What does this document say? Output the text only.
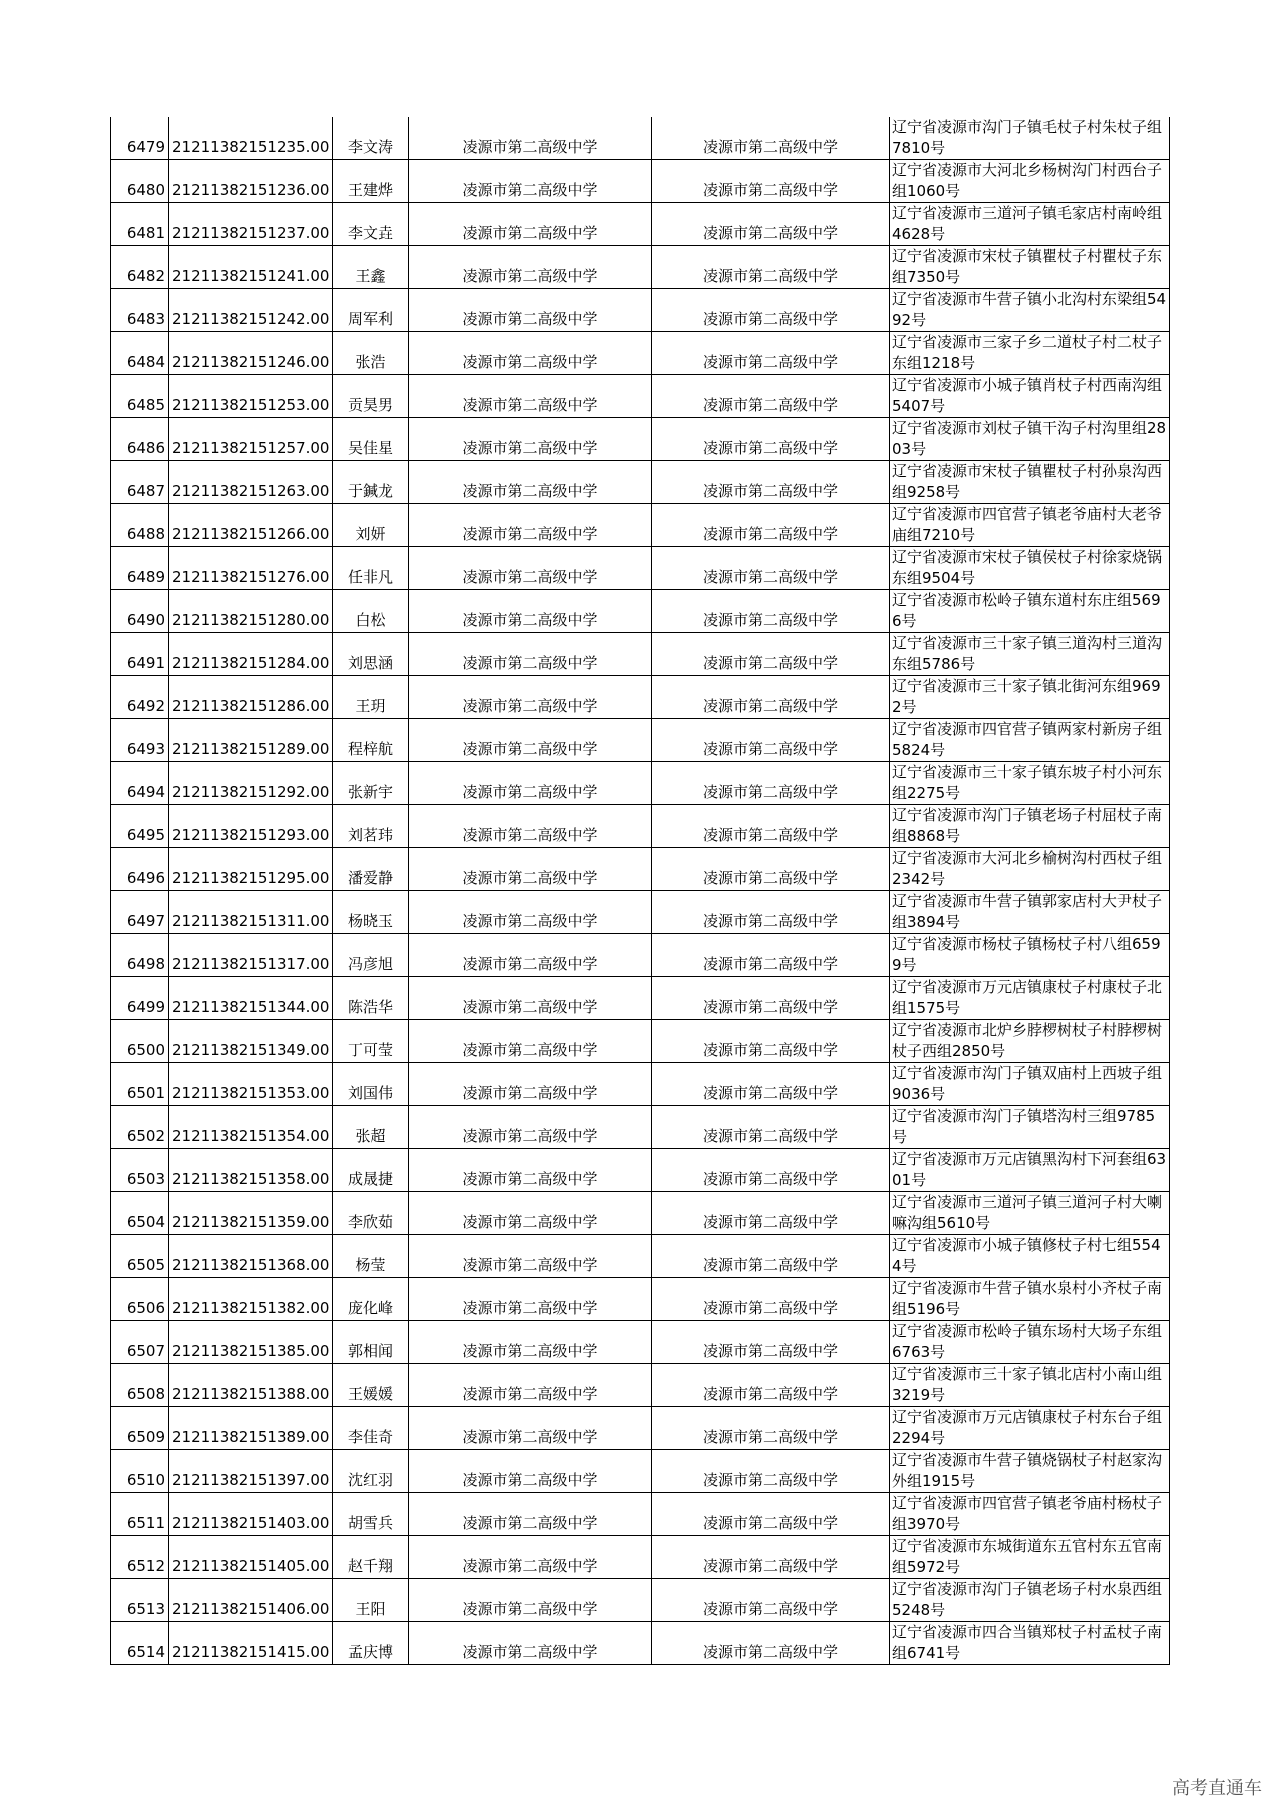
6479	21211382151235.00	李文涛	凌源市第二高级中学	凌源市第二高级中学	辽宁省凌源市沟门子镇毛杖子村朱杖子组7810号
6480	21211382151236.00	王建烨	凌源市第二高级中学	凌源市第二高级中学	辽宁省凌源市大河北乡杨树沟门村西台子组1060号
6481	21211382151237.00	李文垚	凌源市第二高级中学	凌源市第二高级中学	辽宁省凌源市三道河子镇毛家店村南岭组4628号
6482	21211382151241.00	王鑫	凌源市第二高级中学	凌源市第二高级中学	辽宁省凌源市宋杖子镇瞿杖子村瞿杖子东组7350号
6483	21211382151242.00	周军利	凌源市第二高级中学	凌源市第二高级中学	辽宁省凌源市牛营子镇小北沟村东梁组5492号
6484	21211382151246.00	张浩	凌源市第二高级中学	凌源市第二高级中学	辽宁省凌源市三家子乡二道杖子村二杖子东组1218号
6485	21211382151253.00	贡昊男	凌源市第二高级中学	凌源市第二高级中学	辽宁省凌源市小城子镇肖杖子村西南沟组5407号
6486	21211382151257.00	吴佳星	凌源市第二高级中学	凌源市第二高级中学	辽宁省凌源市刘杖子镇干沟子村沟里组2803号
6487	21211382151263.00	于鍼龙	凌源市第二高级中学	凌源市第二高级中学	辽宁省凌源市宋杖子镇瞿杖子村孙泉沟西组9258号
6488	21211382151266.00	刘妍	凌源市第二高级中学	凌源市第二高级中学	辽宁省凌源市四官营子镇老爷庙村大老爷庙组7210号
6489	21211382151276.00	任非凡	凌源市第二高级中学	凌源市第二高级中学	辽宁省凌源市宋杖子镇侯杖子村徐家烧锅东组9504号
6490	21211382151280.00	白松	凌源市第二高级中学	凌源市第二高级中学	辽宁省凌源市松岭子镇东道村东庄组5696号
6491	21211382151284.00	刘思涵	凌源市第二高级中学	凌源市第二高级中学	辽宁省凌源市三十家子镇三道沟村三道沟东组5786号
6492	21211382151286.00	王玥	凌源市第二高级中学	凌源市第二高级中学	辽宁省凌源市三十家子镇北街河东组9692号
6493	21211382151289.00	程梓航	凌源市第二高级中学	凌源市第二高级中学	辽宁省凌源市四官营子镇两家村新房子组5824号
6494	21211382151292.00	张新宇	凌源市第二高级中学	凌源市第二高级中学	辽宁省凌源市三十家子镇东坡子村小河东组2275号
6495	21211382151293.00	刘茗玮	凌源市第二高级中学	凌源市第二高级中学	辽宁省凌源市沟门子镇老场子村屈杖子南组8868号
6496	21211382151295.00	潘爱静	凌源市第二高级中学	凌源市第二高级中学	辽宁省凌源市大河北乡榆树沟村西杖子组2342号
6497	21211382151311.00	杨晓玉	凌源市第二高级中学	凌源市第二高级中学	辽宁省凌源市牛营子镇郭家店村大尹杖子组3894号
6498	21211382151317.00	冯彦旭	凌源市第二高级中学	凌源市第二高级中学	辽宁省凌源市杨杖子镇杨杖子村八组6599号
6499	21211382151344.00	陈浩华	凌源市第二高级中学	凌源市第二高级中学	辽宁省凌源市万元店镇康杖子村康杖子北组1575号
6500	21211382151349.00	丁可莹	凌源市第二高级中学	凌源市第二高级中学	辽宁省凌源市北炉乡脖椤树杖子村脖椤树杖子西组2850号
6501	21211382151353.00	刘国伟	凌源市第二高级中学	凌源市第二高级中学	辽宁省凌源市沟门子镇双庙村上西坡子组9036号
6502	21211382151354.00	张超	凌源市第二高级中学	凌源市第二高级中学	辽宁省凌源市沟门子镇塔沟村三组9785号
6503	21211382151358.00	成晟捷	凌源市第二高级中学	凌源市第二高级中学	辽宁省凌源市万元店镇黑沟村下河套组6301号
6504	21211382151359.00	李欣茹	凌源市第二高级中学	凌源市第二高级中学	辽宁省凌源市三道河子镇三道河子村大喇嘛沟组5610号
6505	21211382151368.00	杨莹	凌源市第二高级中学	凌源市第二高级中学	辽宁省凌源市小城子镇修杖子村七组5544号
6506	21211382151382.00	庞化峰	凌源市第二高级中学	凌源市第二高级中学	辽宁省凌源市牛营子镇水泉村小齐杖子南组5196号
6507	21211382151385.00	郭相闻	凌源市第二高级中学	凌源市第二高级中学	辽宁省凌源市松岭子镇东场村大场子东组6763号
6508	21211382151388.00	王媛媛	凌源市第二高级中学	凌源市第二高级中学	辽宁省凌源市三十家子镇北店村小南山组3219号
6509	21211382151389.00	李佳奇	凌源市第二高级中学	凌源市第二高级中学	辽宁省凌源市万元店镇康杖子村东台子组2294号
6510	21211382151397.00	沈红羽	凌源市第二高级中学	凌源市第二高级中学	辽宁省凌源市牛营子镇烧锅杖子村赵家沟外组1915号
6511	21211382151403.00	胡雪兵	凌源市第二高级中学	凌源市第二高级中学	辽宁省凌源市四官营子镇老爷庙村杨杖子组3970号
6512	21211382151405.00	赵千翔	凌源市第二高级中学	凌源市第二高级中学	辽宁省凌源市东城街道东五官村东五官南组5972号
6513	21211382151406.00	王阳	凌源市第二高级中学	凌源市第二高级中学	辽宁省凌源市沟门子镇老场子村水泉西组5248号
6514	21211382151415.00	孟庆博	凌源市第二高级中学	凌源市第二高级中学	辽宁省凌源市四合当镇郑杖子村孟杖子南组6741号
高考直通车
